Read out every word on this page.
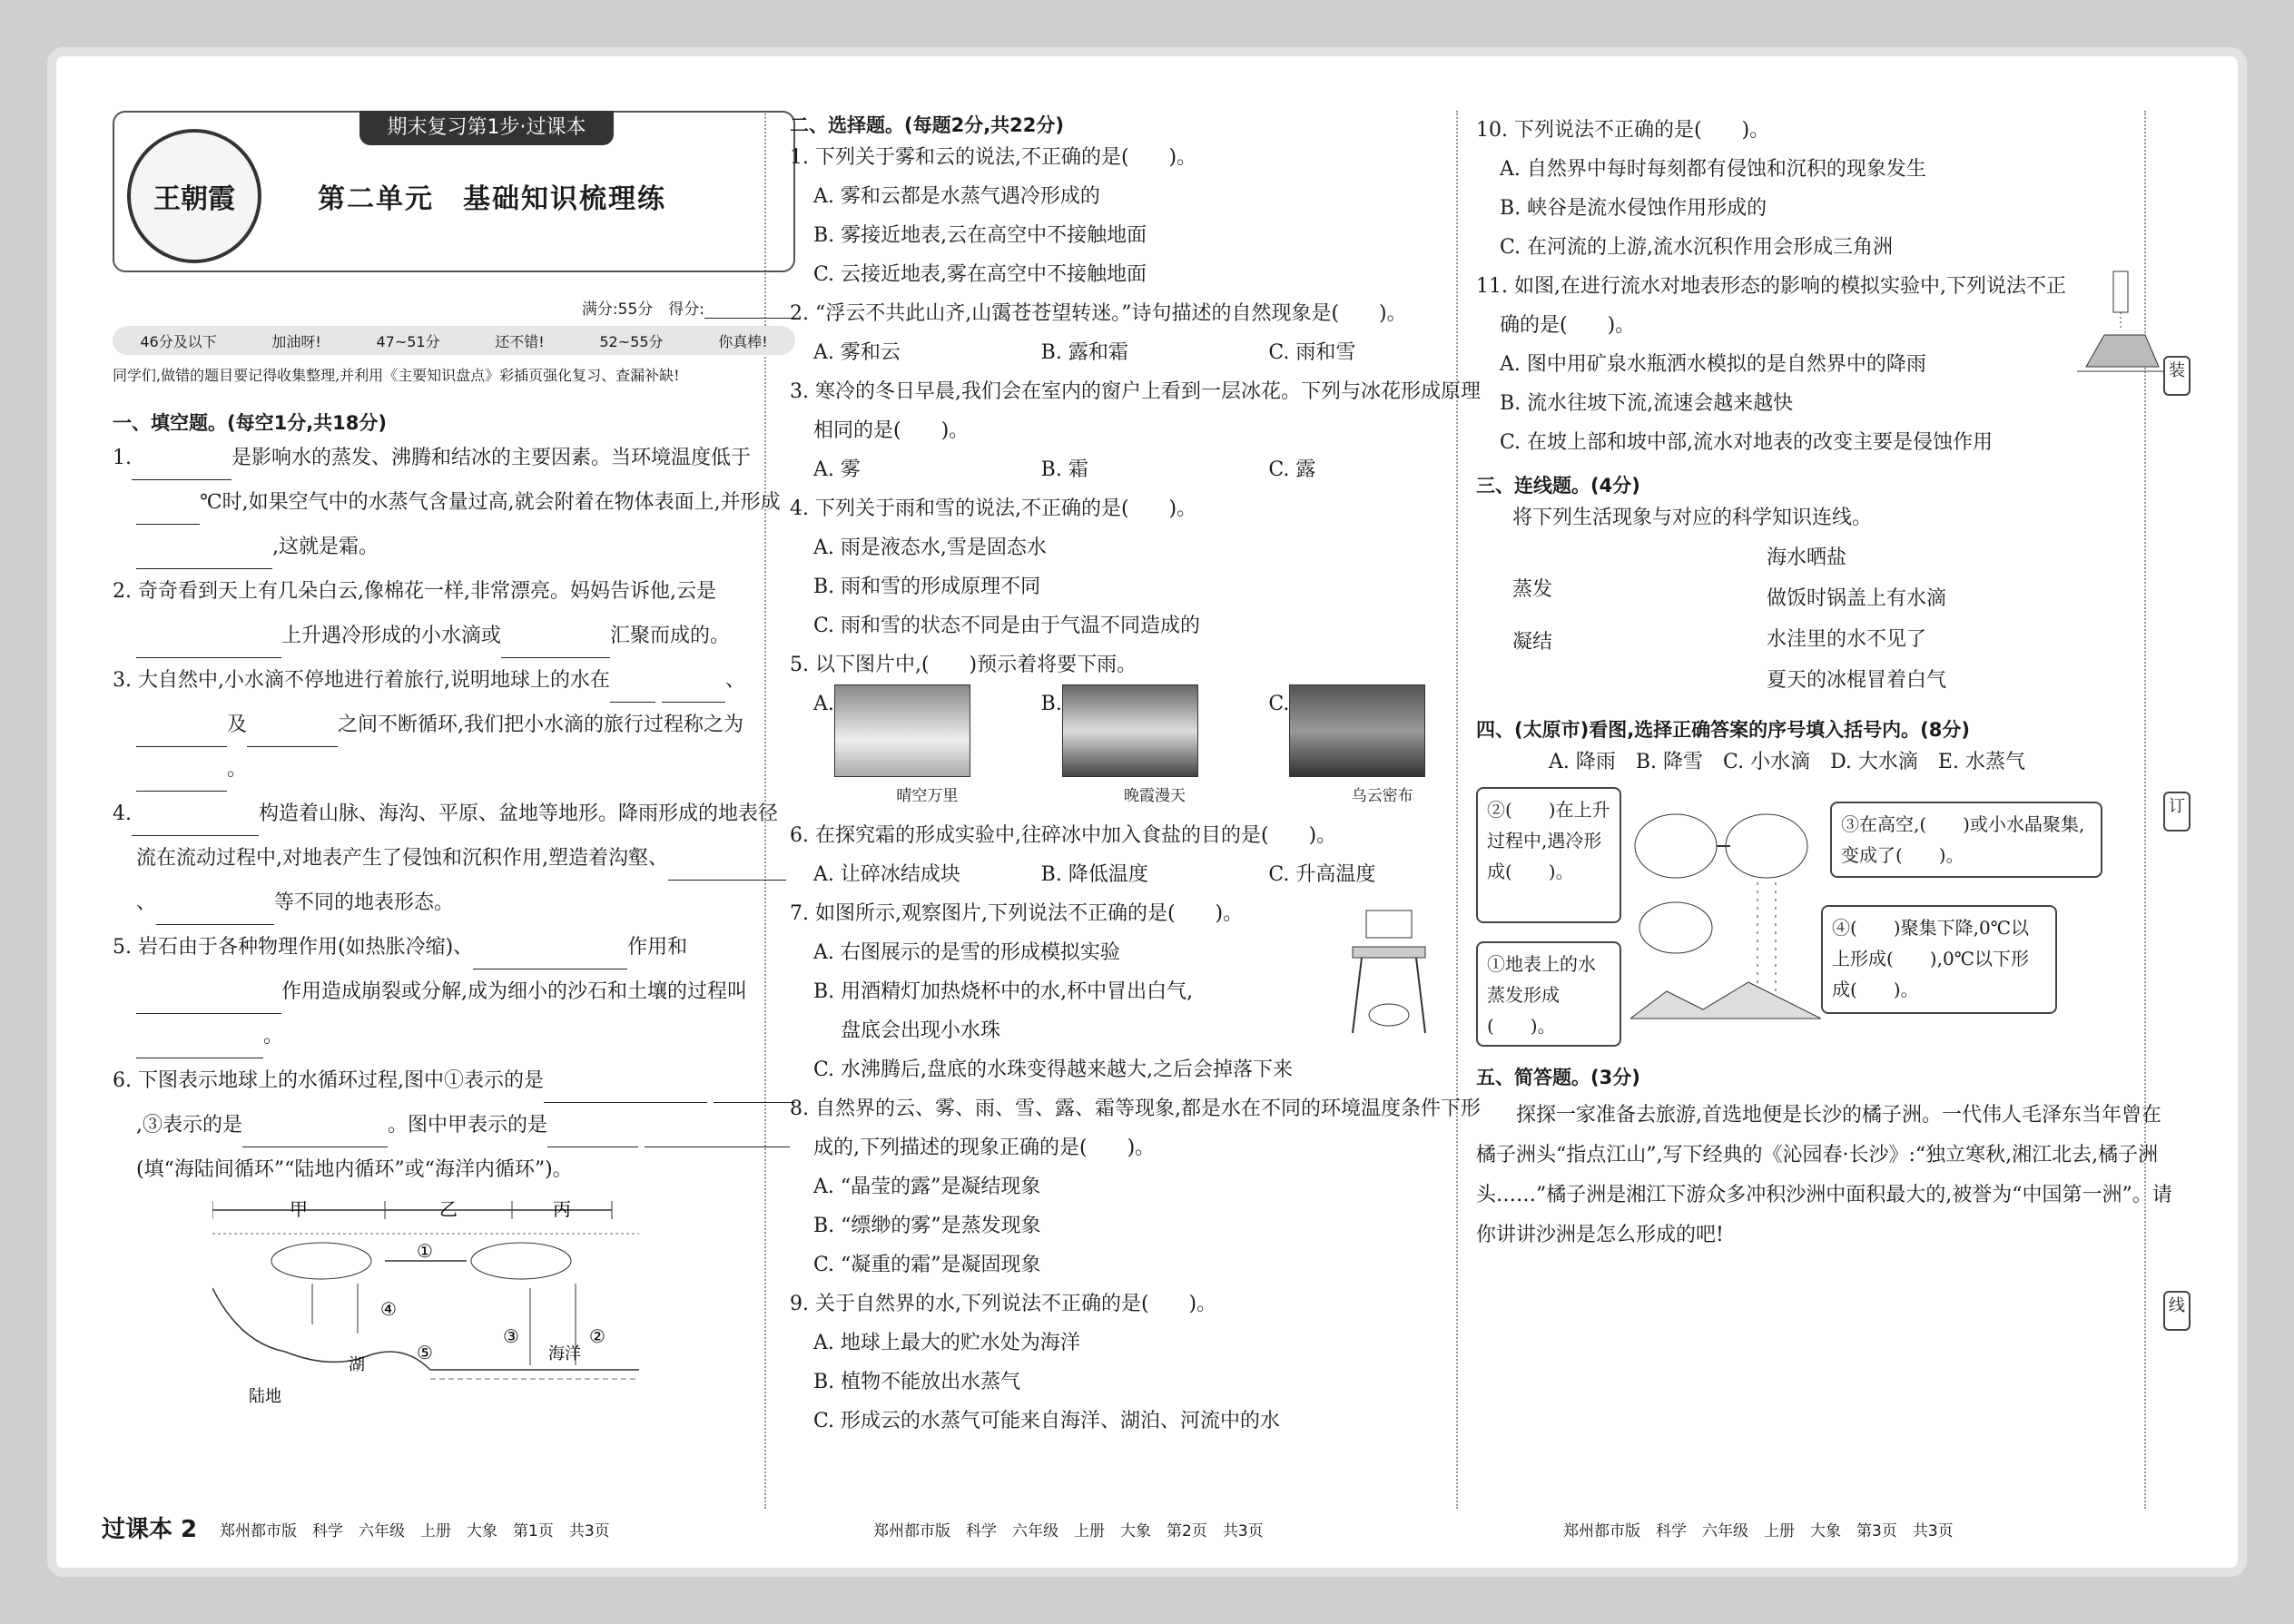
王朝霞
期末复习第1步·过课本
第二单元　基础知识梳理练
满分:55分　得分:
46分及以下	加油呀!	47~51分	还不错!	52~55分	你真棒!
同学们,做错的题目要记得收集整理,并利用《主要知识盘点》彩插页强化复习、查漏补缺!
一、填空题。(每空1分,共18分)

1.	是影响水的蒸发、沸腾和结冰的主要因素。当环境温度低于℃时,如果空气中的水蒸气含量过高,就会附着在物体表面上,并形成,这就是霜。

2. 奇奇看到天上有几朵白云,像棉花一样,非常漂亮。妈妈告诉他,云是上升遇冷形成的小水滴或	汇聚而成的。

3. 大自然中,小水滴不停地进行着旅行,说明地球上的水在	、及	之间不断循环,我们把小水滴的旅行过程称之为。

4.	构造着山脉、海沟、平原、盆地等地形。降雨形成的地表径流在流动过程中,对地表产生了侵蚀和沉积作用,塑造着沟壑、、	等不同的地表形态。

5. 岩石由于各种物理作用(如热胀冷缩)、	作用和作用造成崩裂或分解,成为细小的沙石和土壤的过程叫。

6. 下图表示地球上的水循环过程,图中①表示的是 ,③表示的是	。图中甲表示的是 (填“海陆间循环”“陆地内循环”或“海洋内循环”)。

甲	乙	丙
①
②
③
④
⑤
湖
海洋
陆地
二、选择题。(每题2分,共22分)

1. 下列关于雾和云的说法,不正确的是(　　)。

A. 雾和云都是水蒸气遇冷形成的

B. 雾接近地表,云在高空中不接触地面

C. 云接近地表,雾在高空中不接触地面

2. “浮云不共此山齐,山霭苍苍望转迷。”诗句描述的自然现象是(　　)。

A. 雾和云	B. 露和霜	C. 雨和雪

3. 寒冷的冬日早晨,我们会在室内的窗户上看到一层冰花。下列与冰花形成原理相同的是(　　)。

A. 雾	B. 霜	C. 露

4. 下列关于雨和雪的说法,不正确的是(　　)。

A. 雨是液态水,雪是固态水

B. 雨和雪的形成原理不同

C. 雨和雪的状态不同是由于气温不同造成的

5. 以下图片中,(　　)预示着将要下雨。

A.
晴空万里
B.
晚霞漫天
C.
乌云密布

6. 在探究霜的形成实验中,往碎冰中加入食盐的目的是(　　)。

A. 让碎冰结成块	B. 降低温度	C. 升高温度

7. 如图所示,观察图片,下列说法不正确的是(　　)。

A. 右图展示的是雪的形成模拟实验

B. 用酒精灯加热烧杯中的水,杯中冒出白气,

盘底会出现小水珠

C. 水沸腾后,盘底的水珠变得越来越大,之后会掉落下来

8. 自然界的云、雾、雨、雪、露、霜等现象,都是水在不同的环境温度条件下形成的,下列描述的现象正确的是(　　)。

A. “晶莹的露”是凝结现象

B. “缥缈的雾”是蒸发现象

C. “凝重的霜”是凝固现象

9. 关于自然界的水,下列说法不正确的是(　　)。

A. 地球上最大的贮水处为海洋

B. 植物不能放出水蒸气

C. 形成云的水蒸气可能来自海洋、湖泊、河流中的水

10. 下列说法不正确的是(　　)。

A. 自然界中每时每刻都有侵蚀和沉积的现象发生

B. 峡谷是流水侵蚀作用形成的

C. 在河流的上游,流水沉积作用会形成三角洲

11. 如图,在进行流水对地表形态的影响的模拟实验中,下列说法不正确的是(　　)。

A. 图中用矿泉水瓶洒水模拟的是自然界中的降雨

B. 流水往坡下流,流速会越来越快

C. 在坡上部和坡中部,流水对地表的改变主要是侵蚀作用

三、连线题。(4分)

将下列生活现象与对应的科学知识连线。

蒸发
凝结
海水晒盐
做饭时锅盖上有水滴
水洼里的水不见了
夏天的冰棍冒着白气
四、(太原市)看图,选择正确答案的序号填入括号内。(8分)

A. 降雨　B. 降雪　C. 小水滴　D. 大水滴　E. 水蒸气

②(　　)在上升过程中,遇冷形成(　　)。
①地表上的水蒸发形成(　　)。
③在高空,(　　)或小水晶聚集,变成了(　　)。
④(　　)聚集下降,0℃以上形成(　　),0℃以下形成(　　)。
五、简答题。(3分)

探探一家准备去旅游,首选地便是长沙的橘子洲。一代伟人毛泽东当年曾在橘子洲头“指点江山”,写下经典的《沁园春·长沙》:“独立寒秋,湘江北去,橘子洲头……”橘子洲是湘江下游众多冲积沙洲中面积最大的,被誉为“中国第一洲”。请你讲讲沙洲是怎么形成的吧!

装
订
线
过课本 2 郑州都市版　科学　六年级　上册　大象　第1页　共3页	郑州都市版　科学　六年级　上册　大象　第2页　共3页	郑州都市版　科学　六年级　上册　大象　第3页　共3页
